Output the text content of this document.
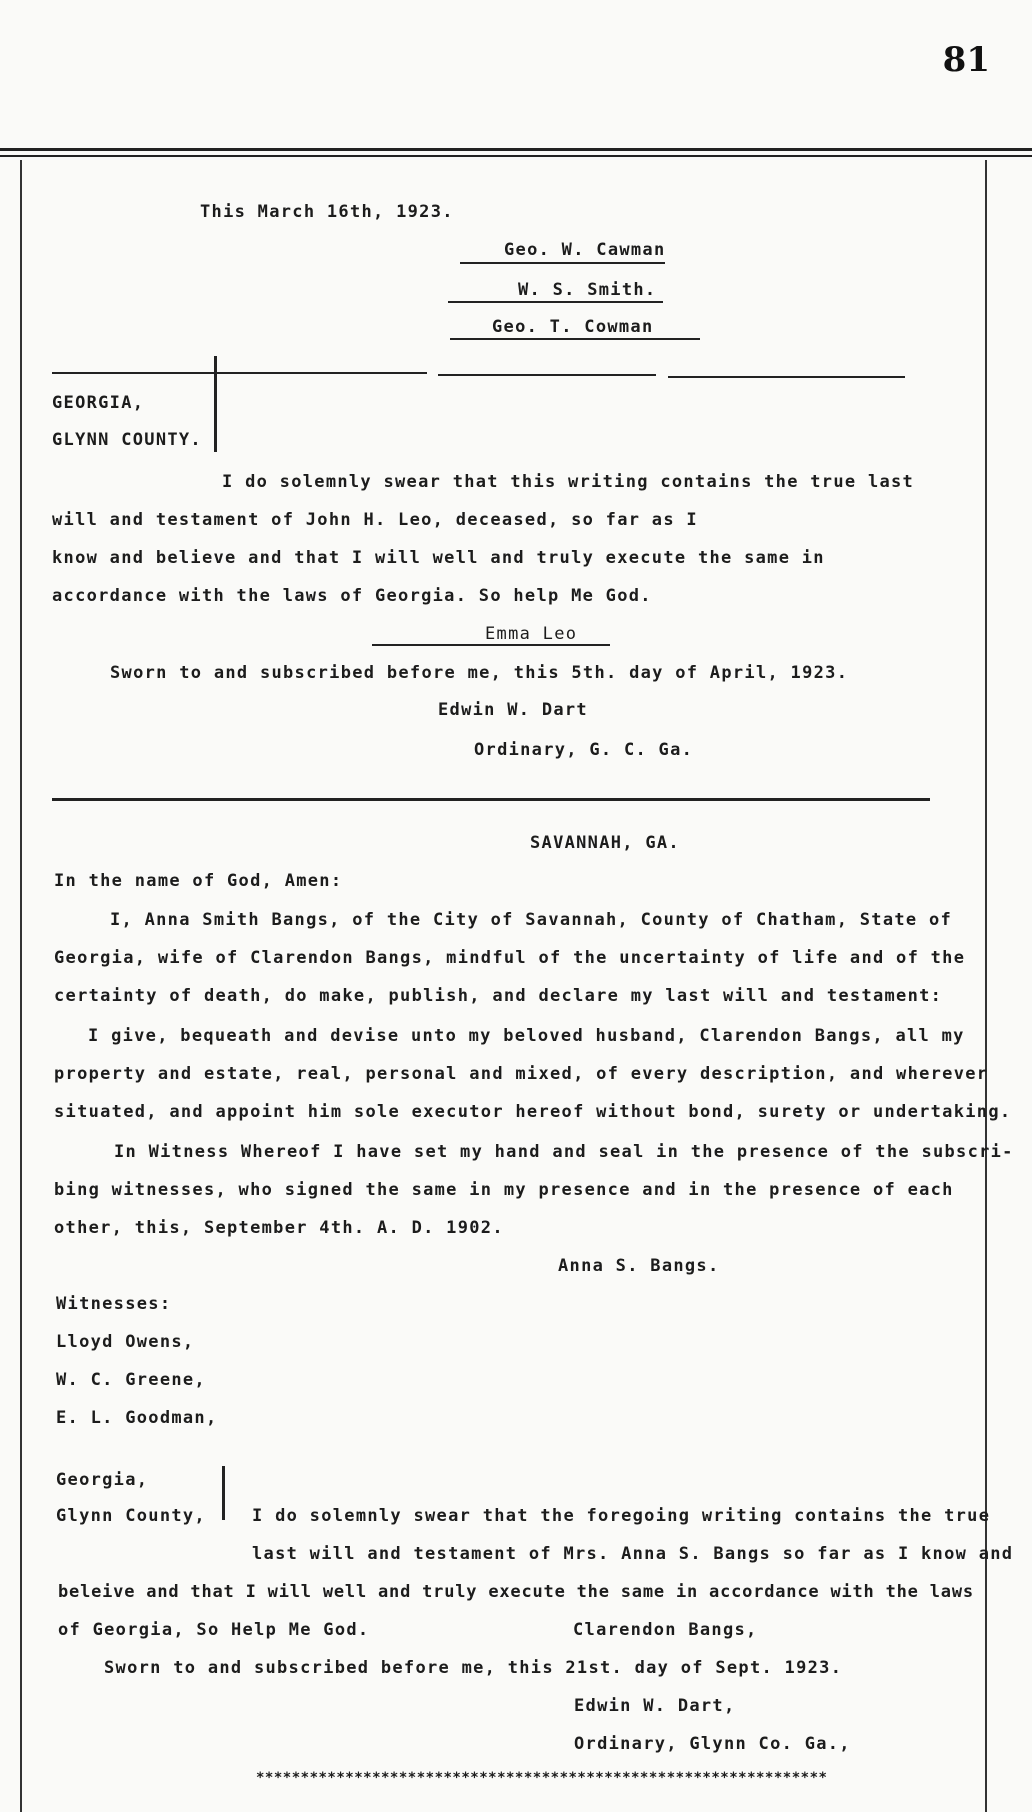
81
This March 16th, 1923.
Geo. W. Cawman
W. S. Smith.
Geo. T. Cowman
GEORGIA,
GLYNN COUNTY.
I do solemnly swear that this writing contains the true last
will and testament of John H. Leo, deceased, so far as I
know and believe and that I will well and truly execute the same in
accordance with the laws of Georgia. So help Me God.
Emma Leo
Sworn to and subscribed before me, this 5th. day of April, 1923.
Edwin W. Dart
Ordinary, G. C. Ga.
SAVANNAH, GA.
In the name of God, Amen:
I, Anna Smith Bangs, of the City of Savannah, County of Chatham, State of
Georgia, wife of Clarendon Bangs, mindful of the uncertainty of life and of the
certainty of death, do make, publish, and declare my last will and testament:
I give, bequeath and devise unto my beloved husband, Clarendon Bangs, all my
property and estate, real, personal and mixed, of every description, and wherever
situated, and appoint him sole executor hereof without bond, surety or undertaking.
In Witness Whereof I have set my hand and seal in the presence of the subscri-
bing witnesses, who signed the same in my presence and in the presence of each
other, this, September 4th. A. D. 1902.
Anna S. Bangs.
Witnesses:
Lloyd Owens,
W. C. Greene,
E. L. Goodman,
Georgia,
Glynn County,	I do solemnly swear that the foregoing writing contains the true
last will and testament of Mrs. Anna S. Bangs so far as I know and
beleive and that I will well and truly execute the same in accordance with the laws
of Georgia, So Help Me God.	Clarendon Bangs,
Sworn to and subscribed before me, this 21st. day of Sept. 1923.
Edwin W. Dart,
Ordinary, Glynn Co. Ga.,
****************************************************************
